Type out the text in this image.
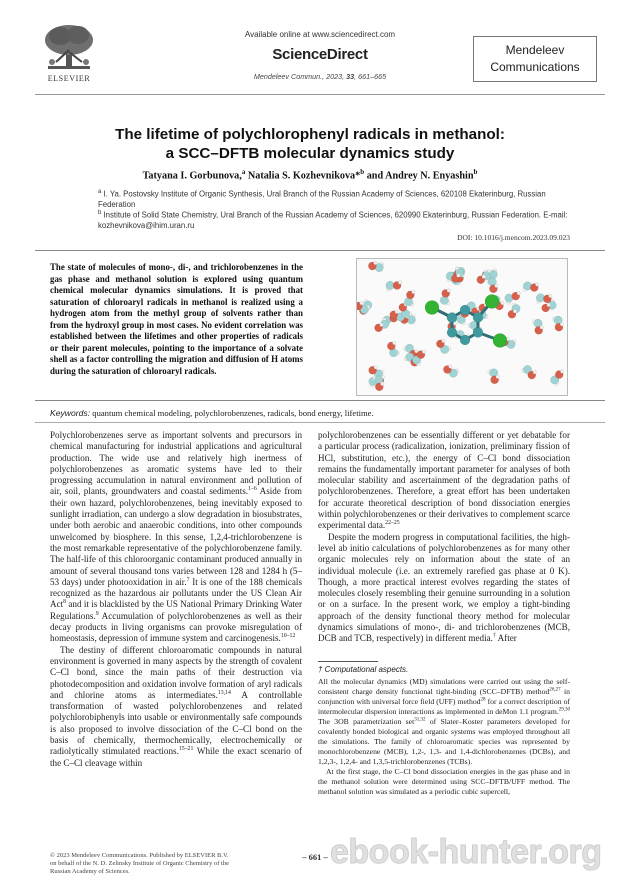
ELSEVIER
Available online at www.sciencedirect.com
ScienceDirect
Mendeleev Commun., 2023, 33, 661–665
Mendeleev
Communications
The lifetime of polychlorophenyl radicals in methanol:
a SCC–DFTB molecular dynamics study
Tatyana I. Gorbunova,$^a$ Natalia S. Kozhevnikova*$^b$ and Andrey N. Enyashin$^b$
$^a$ I. Ya. Postovsky Institute of Organic Synthesis, Ural Branch of the Russian Academy of Sciences, 620108 Ekaterinburg, Russian Federation
$^b$ Institute of Solid State Chemistry, Ural Branch of the Russian Academy of Sciences, 620990 Ekaterinburg, Russian Federation. E-mail: kozhevnikova@ihim.uran.ru
DOI: 10.1016/j.mencom.2023.09.023
The state of molecules of mono-, di-, and trichlorobenzenes in the gas phase and methanol solution is explored using quantum chemical molecular dynamics simulations. It is proved that saturation of chloroaryl radicals in methanol is realized using a hydrogen atom from the methyl group of solvents rather than from the hydroxyl group in most cases. No evident correlation was established between the lifetimes and other properties of radicals or their parent molecules, pointing to the importance of a solvate shell as a factor controlling the migration and diffusion of H atoms during the saturation of chloroaryl radicals.
Keywords: quantum chemical modeling, polychlorobenzenes, radicals, bond energy, lifetime.

Polychlorobenzenes serve as important solvents and precursors in chemical manufacturing for industrial applications and agricultural production. The wide use and relatively high inertness of polychlorobenzenes as aromatic systems have led to their progressing accumulation in natural environment and pollution of air, soil, plants, groundwaters and coastal sediments.$^{1-6}$ Aside from their own hazard, polychlorobenzenes, being inevitably exposed to sunlight irradiation, can undergo a slow degradation in biosubstrates, under both aerobic and anaerobic conditions, into other compounds unwelcomed by biosphere. In this sense, 1,2,4-trichlorobenzene is the most remarkable representative of the polychlorobenzene family. The half-life of this chloroorganic contaminant produced annually in amount of several thousand tons varies between 128 and 1284 h (5–53 days) under photooxidation in air.$^7$ It is one of the 188 chemicals recognized as the hazardous air pollutants under the US Clean Air Act$^8$ and it is blacklisted by the US National Primary Drinking Water Regulations.$^9$ Accumulation of polychlorobenzenes as well as their decay products in living organisms can provoke misregulation of homeostasis, depression of immune system and carcinogenesis.$^{10-12}$

The destiny of different chloroaromatic compounds in natural environment is governed in many aspects by the strength of covalent C–Cl bond, since the main paths of their destruction via photodecomposition and oxidation involve formation of aryl radicals and chlorine atoms as intermediates.$^{13,14}$ A controllable transformation of wasted polychlorobenzenes and related polychlorobiphenyls into usable or environmentally safe compounds is also proposed to involve dissociation of the C–Cl bond on the basis of chemically, thermochemically, electrochemically or radiolytically stimulated reactions.$^{15-21}$ While the exact scenario of the C–Cl cleavage within

polychlorobenzenes can be essentially different or yet debatable for a particular process (radicalization, ionization, preliminary fission of HCl, substitution, etc.), the energy of C–Cl bond dissociation remains the fundamentally important parameter for analyses of both molecular stability and ascertainment of the degradation paths of polychlorobenzenes. Therefore, a great effort has been undertaken for accurate theoretical description of bond dissociation energies within polychlorobenzenes or their derivatives to complement scarce experimental data.$^{22-25}$

Despite the modern progress in computational facilities, the high-level ab initio calculations of polychlorobenzenes as for many other organic molecules rely on information about the state of an individual molecule (i.e. an extremely rarefied gas phase at 0 K). Though, a more practical interest evolves regarding the states of molecules closely resembling their genuine surrounding in a solution or on a surface. In the present work, we employ a tight-binding approach of the density functional theory method for molecular dynamics simulations of mono-, di- and trichlorobenzenes (MCB, DCB and TCB, respectively) in different media.† After

† Computational aspects.

All the molecular dynamics (MD) simulations were carried out using the self-consistent charge density functional tight-binding (SCC–DFTB) method$^{26,27}$ in conjunction with universal force field (UFF) method$^{28}$ for a correct description of intermolecular dispersion interactions as implemented in deMon 1.1 program.$^{29,30}$ The 3OB parametrization set$^{31,32}$ of Slater–Koster parameters developed for covalently bonded biological and organic systems was employed throughout all the simulations. The family of chloroaromatic species was represented by monochlorobenzene (MCB), 1,2-, 1,3- and 1,4-dichlorobenzenes (DCBs), and 1,2,3-, 1,2,4- and 1,3,5-trichlorobenzenes (TCBs).

At the first stage, the C–Cl bond dissociation energies in the gas phase and in the methanol solution were determined using SCC–DFTB/UFF method. The methanol solution was simulated as a periodic cubic supercell,

© 2023 Mendeleev Communications. Published by ELSEVIER B.V.
on behalf of the N. D. Zelinsky Institute of Organic Chemistry of the
Russian Academy of Sciences.
– 661 – ebook-hunter.org
